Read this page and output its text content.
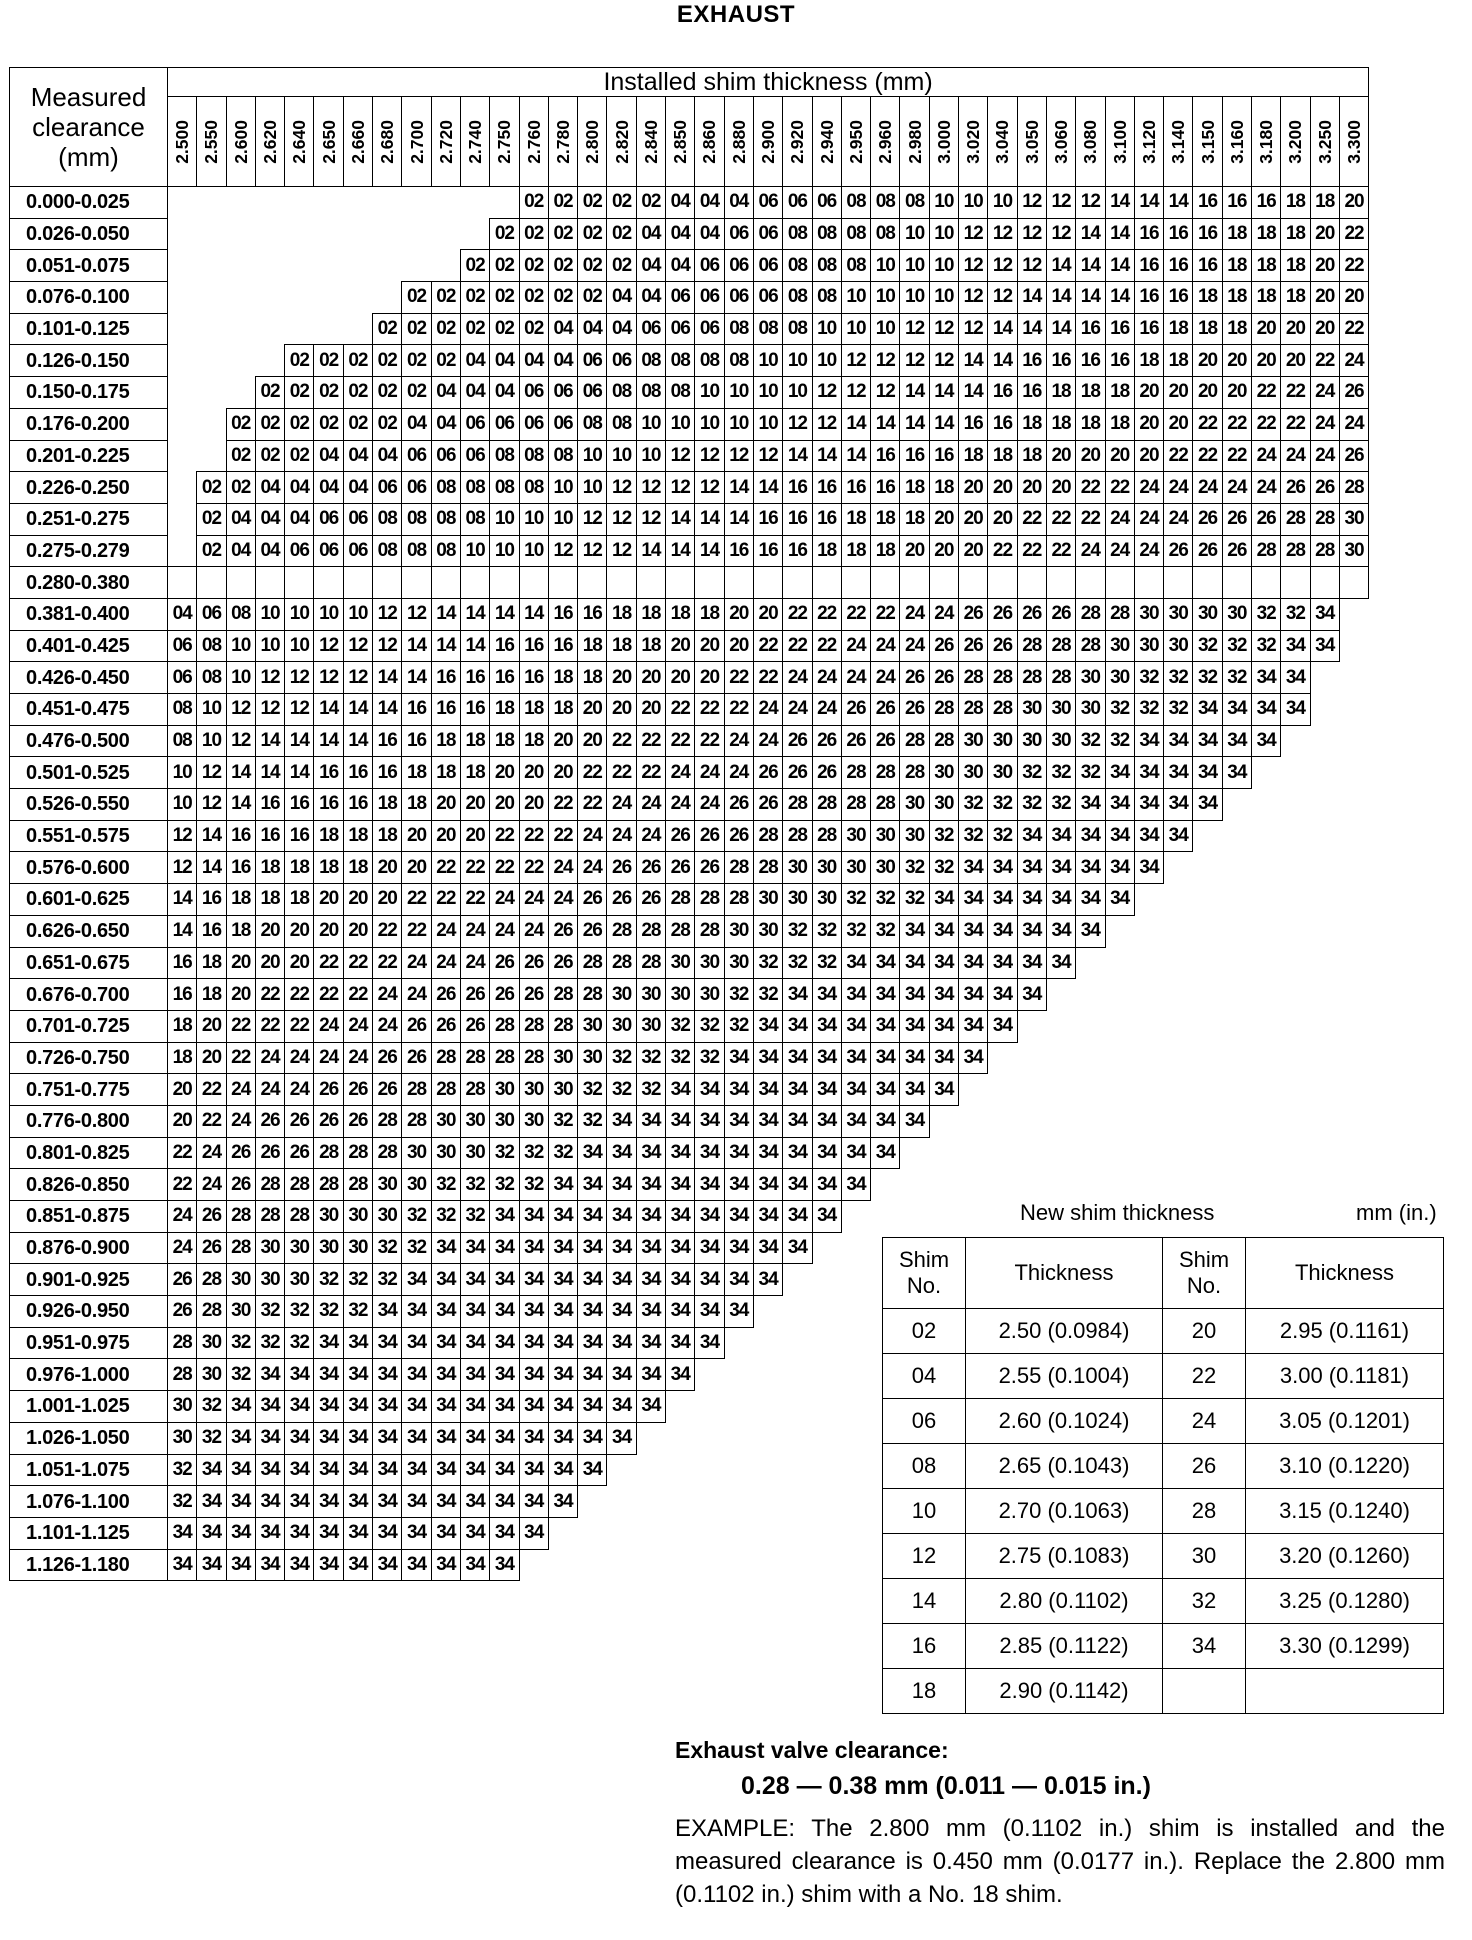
EXHAUST
Measured
clearance
(mm)	Installed shim thickness (mm)																																								

	2.500	2.550	2.600	2.620	2.640	2.650	2.660	2.680	2.700	2.720	2.740	2.750	2.760	2.780	2.800	2.820	2.840	2.850	2.860	2.880	2.900	2.920	2.940	2.950	2.960	2.980	3.000	3.020	3.040	3.050	3.060	3.080	3.100	3.120	3.140	3.150	3.160	3.180	3.200	3.250	3.300

0.000-0.025													02	02	02	02	02	04	04	04	06	06	06	08	08	08	10	10	10	12	12	12	14	14	14	16	16	16	18	18	20
0.026-0.050												02	02	02	02	02	04	04	04	06	06	08	08	08	08	10	10	12	12	12	12	14	14	16	16	16	18	18	18	20	22
0.051-0.075											02	02	02	02	02	02	04	04	06	06	06	08	08	08	10	10	10	12	12	12	14	14	14	16	16	16	18	18	18	20	22
0.076-0.100									02	02	02	02	02	02	02	04	04	06	06	06	06	08	08	10	10	10	10	12	12	14	14	14	14	16	16	18	18	18	18	20	20
0.101-0.125								02	02	02	02	02	02	04	04	04	06	06	06	08	08	08	10	10	10	12	12	12	14	14	14	16	16	16	18	18	18	20	20	20	22
0.126-0.150					02	02	02	02	02	02	04	04	04	04	06	06	08	08	08	08	10	10	10	12	12	12	12	14	14	16	16	16	16	18	18	20	20	20	20	22	24
0.150-0.175				02	02	02	02	02	02	04	04	04	06	06	06	08	08	08	10	10	10	10	12	12	12	14	14	14	16	16	18	18	18	20	20	20	20	22	22	24	26
0.176-0.200			02	02	02	02	02	02	04	04	06	06	06	06	08	08	10	10	10	10	10	12	12	14	14	14	14	16	16	18	18	18	18	20	20	22	22	22	22	24	24
0.201-0.225			02	02	02	04	04	04	06	06	06	08	08	08	10	10	10	12	12	12	12	14	14	14	16	16	16	18	18	18	20	20	20	20	22	22	22	24	24	24	26
0.226-0.250		02	02	04	04	04	04	06	06	08	08	08	08	10	10	12	12	12	12	14	14	16	16	16	16	18	18	20	20	20	20	22	22	24	24	24	24	24	26	26	28
0.251-0.275		02	04	04	04	06	06	08	08	08	08	10	10	10	12	12	12	14	14	14	16	16	16	18	18	18	20	20	20	22	22	22	24	24	24	26	26	26	28	28	30
0.275-0.279		02	04	04	06	06	06	08	08	08	10	10	10	12	12	12	14	14	14	16	16	16	18	18	18	20	20	20	22	22	22	24	24	24	26	26	26	28	28	28	30
0.280-0.380																																									
0.381-0.400	04	06	08	10	10	10	10	12	12	14	14	14	14	16	16	18	18	18	18	20	20	22	22	22	22	24	24	26	26	26	26	28	28	30	30	30	30	32	32	34	
0.401-0.425	06	08	10	10	10	12	12	12	14	14	14	16	16	16	18	18	18	20	20	20	22	22	22	24	24	24	26	26	26	28	28	28	30	30	30	32	32	32	34	34	
0.426-0.450	06	08	10	12	12	12	12	14	14	16	16	16	16	18	18	20	20	20	20	22	22	24	24	24	24	26	26	28	28	28	28	30	30	32	32	32	32	34	34		
0.451-0.475	08	10	12	12	12	14	14	14	16	16	16	18	18	18	20	20	20	22	22	22	24	24	24	26	26	26	28	28	28	30	30	30	32	32	32	34	34	34	34		
0.476-0.500	08	10	12	14	14	14	14	16	16	18	18	18	18	20	20	22	22	22	22	24	24	26	26	26	26	28	28	30	30	30	30	32	32	34	34	34	34	34			
0.501-0.525	10	12	14	14	14	16	16	16	18	18	18	20	20	20	22	22	22	24	24	24	26	26	26	28	28	28	30	30	30	32	32	32	34	34	34	34	34				
0.526-0.550	10	12	14	16	16	16	16	18	18	20	20	20	20	22	22	24	24	24	24	26	26	28	28	28	28	30	30	32	32	32	32	34	34	34	34	34					
0.551-0.575	12	14	16	16	16	18	18	18	20	20	20	22	22	22	24	24	24	26	26	26	28	28	28	30	30	30	32	32	32	34	34	34	34	34	34						
0.576-0.600	12	14	16	18	18	18	18	20	20	22	22	22	22	24	24	26	26	26	26	28	28	30	30	30	30	32	32	34	34	34	34	34	34	34							
0.601-0.625	14	16	18	18	18	20	20	20	22	22	22	24	24	24	26	26	26	28	28	28	30	30	30	32	32	32	34	34	34	34	34	34	34								
0.626-0.650	14	16	18	20	20	20	20	22	22	24	24	24	24	26	26	28	28	28	28	30	30	32	32	32	32	34	34	34	34	34	34	34									
0.651-0.675	16	18	20	20	20	22	22	22	24	24	24	26	26	26	28	28	28	30	30	30	32	32	32	34	34	34	34	34	34	34	34										
0.676-0.700	16	18	20	22	22	22	22	24	24	26	26	26	26	28	28	30	30	30	30	32	32	34	34	34	34	34	34	34	34	34											
0.701-0.725	18	20	22	22	22	24	24	24	26	26	26	28	28	28	30	30	30	32	32	32	34	34	34	34	34	34	34	34	34												
0.726-0.750	18	20	22	24	24	24	24	26	26	28	28	28	28	30	30	32	32	32	32	34	34	34	34	34	34	34	34	34													
0.751-0.775	20	22	24	24	24	26	26	26	28	28	28	30	30	30	32	32	32	34	34	34	34	34	34	34	34	34	34														
0.776-0.800	20	22	24	26	26	26	26	28	28	30	30	30	30	32	32	34	34	34	34	34	34	34	34	34	34	34															
0.801-0.825	22	24	26	26	26	28	28	28	30	30	30	32	32	32	34	34	34	34	34	34	34	34	34	34	34																
0.826-0.850	22	24	26	28	28	28	28	30	30	32	32	32	32	34	34	34	34	34	34	34	34	34	34	34																	
0.851-0.875	24	26	28	28	28	30	30	30	32	32	32	34	34	34	34	34	34	34	34	34	34	34	34																		
0.876-0.900	24	26	28	30	30	30	30	32	32	34	34	34	34	34	34	34	34	34	34	34	34	34																			
0.901-0.925	26	28	30	30	30	32	32	32	34	34	34	34	34	34	34	34	34	34	34	34	34																				
0.926-0.950	26	28	30	32	32	32	32	34	34	34	34	34	34	34	34	34	34	34	34	34																					
0.951-0.975	28	30	32	32	32	34	34	34	34	34	34	34	34	34	34	34	34	34	34																						
0.976-1.000	28	30	32	34	34	34	34	34	34	34	34	34	34	34	34	34	34	34																							
1.001-1.025	30	32	34	34	34	34	34	34	34	34	34	34	34	34	34	34	34																								
1.026-1.050	30	32	34	34	34	34	34	34	34	34	34	34	34	34	34	34																									
1.051-1.075	32	34	34	34	34	34	34	34	34	34	34	34	34	34	34																										
1.076-1.100	32	34	34	34	34	34	34	34	34	34	34	34	34	34																											
1.101-1.125	34	34	34	34	34	34	34	34	34	34	34	34	34																												
1.126-1.180	34	34	34	34	34	34	34	34	34	34	34	34																													
New shim thickness	mm (in.)
Shim No.	Thickness	Shim No.	Thickness
02	2.50 (0.0984)	20	2.95 (0.1161)
04	2.55 (0.1004)	22	3.00 (0.1181)
06	2.60 (0.1024)	24	3.05 (0.1201)
08	2.65 (0.1043)	26	3.10 (0.1220)
10	2.70 (0.1063)	28	3.15 (0.1240)
12	2.75 (0.1083)	30	3.20 (0.1260)
14	2.80 (0.1102)	32	3.25 (0.1280)
16	2.85 (0.1122)	34	3.30 (0.1299)
18	2.90 (0.1142)		
Exhaust valve clearance:
0.28 — 0.38 mm (0.011 — 0.015 in.)
EXAMPLE: The 2.800 mm (0.1102 in.) shim is installed and the measured clearance is 0.450 mm (0.0177 in.). Replace the 2.800 mm (0.1102 in.) shim with a No. 18 shim.
